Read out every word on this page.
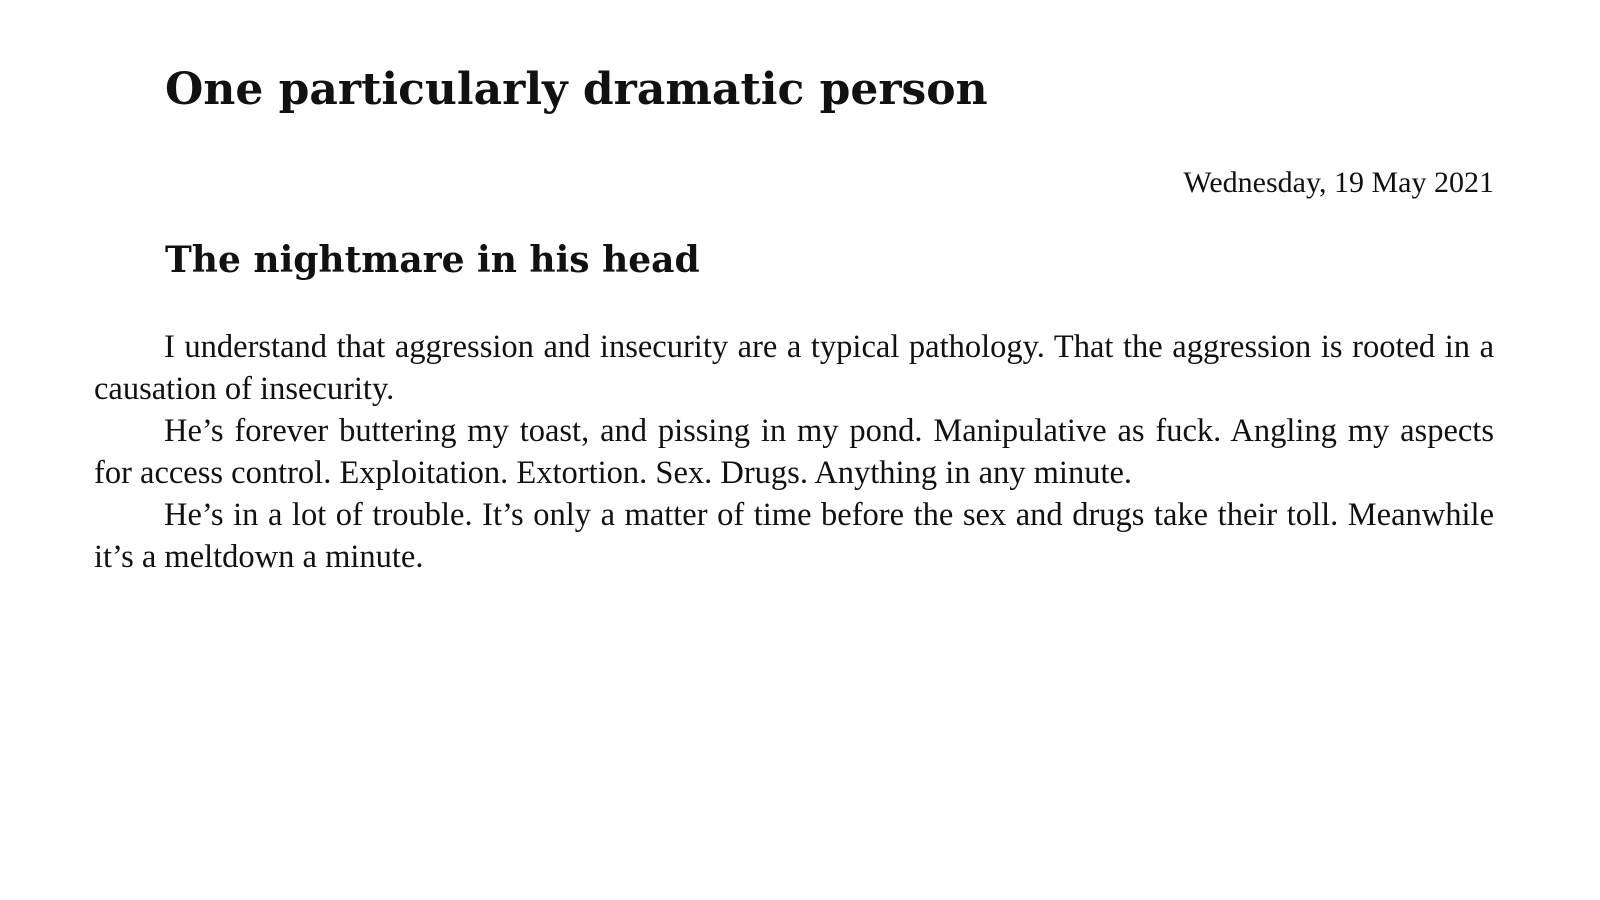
One particularly dramatic person
Wednesday, 19 May 2021
The nightmare in his head

I understand that aggression and insecurity are a typical pathology. That the aggression is rooted in a causation of insecurity.

He’s forever buttering my toast, and pissing in my pond. Manipulative as fuck. Angling my aspects for access control. Exploitation. Extortion. Sex. Drugs. Anything in any minute.

He’s in a lot of trouble. It’s only a matter of time before the sex and drugs take their toll. Meanwhile it’s a meltdown a minute.
